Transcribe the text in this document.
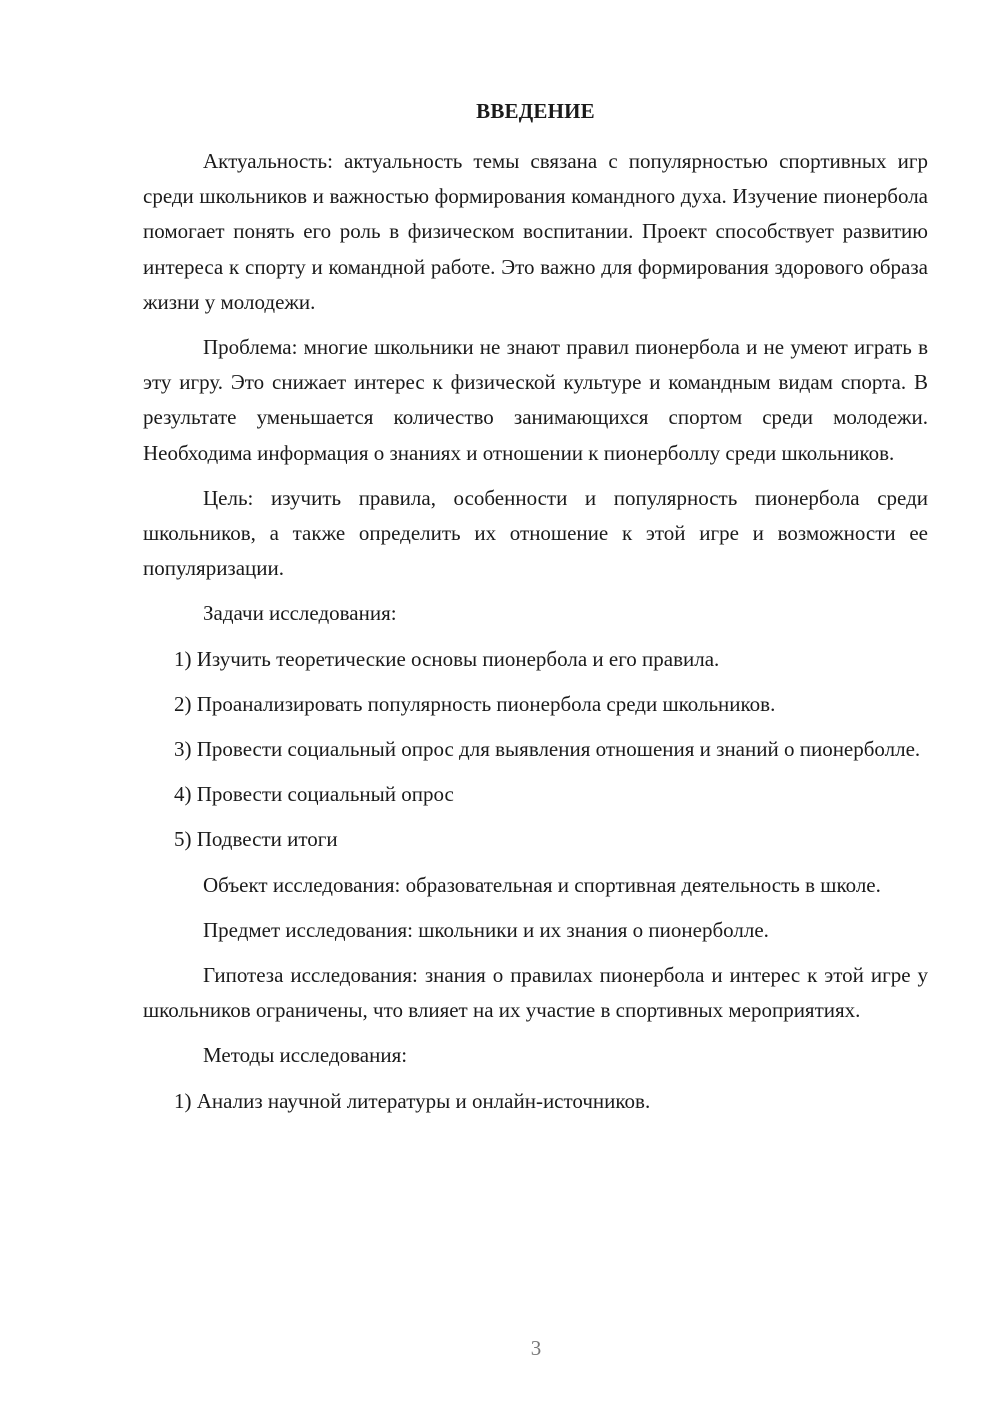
ВВЕДЕНИЕ

Актуальность: актуальность темы связана с популярностью спортивных игр среди школьников и важностью формирования командного духа. Изучение пионербола помогает понять его роль в физическом воспитании. Проект способствует развитию интереса к спорту и командной работе. Это важно для формирования здорового образа жизни у молодежи.

Проблема: многие школьники не знают правил пионербола и не умеют играть в эту игру. Это снижает интерес к физической культуре и командным видам спорта. В результате уменьшается количество занимающихся спортом среди молодежи. Необходима информация о знаниях и отношении к пионерболлу среди школьников.

Цель: изучить правила, особенности и популярность пионербола среди школьников, а также определить их отношение к этой игре и возможности ее популяризации.

Задачи исследования:

1) Изучить теоретические основы пионербола и его правила.

2) Проанализировать популярность пионербола среди школьников.

3) Провести социальный опрос для выявления отношения и знаний о пионерболле.

4) Провести социальный опрос

5) Подвести итоги

Объект исследования: образовательная и спортивная деятельность в школе.

Предмет исследования: школьники и их знания о пионерболле.

Гипотеза исследования: знания о правилах пионербола и интерес к этой игре у школьников ограничены, что влияет на их участие в спортивных мероприятиях.

Методы исследования:

1) Анализ научной литературы и онлайн-источников.

3
